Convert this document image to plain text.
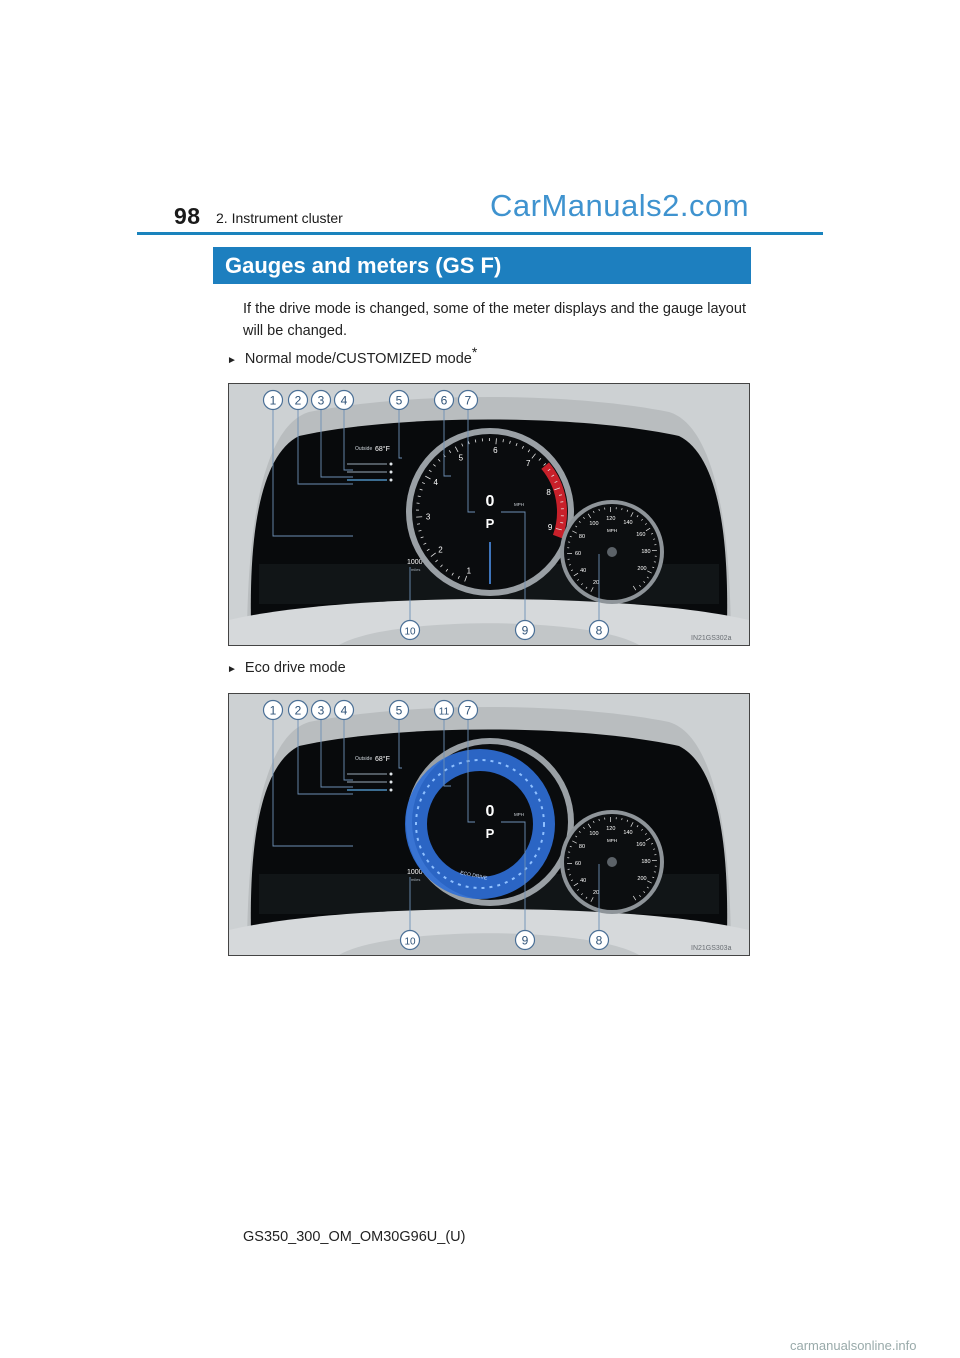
98 2. Instrument cluster	CarManuals2.com
Gauges and meters (GS F)
If the drive mode is changed, some of the meter displays and the gauge layout will be changed.
► Normal mode/CUSTOMIZED mode*
Outside 68°F
1000
miles	1
2
3
4
5
6
7
8
9
0	MPH
P
20
40
60
80
100
120
140
160
180
200
MPH
1 2 3 4	5	6 7
10	9	8
IN21GS302a
► Eco drive mode
Outside 68°F
1000
miles	ECO DRIVE
0	MPH
P
20
40
60
80
100
120
140
160
180
200
MPH
1 2 3 4	5	11 7
10	9	8
IN21GS303a
GS350_300_OM_OM30G96U_(U)
carmanualsonline.info
